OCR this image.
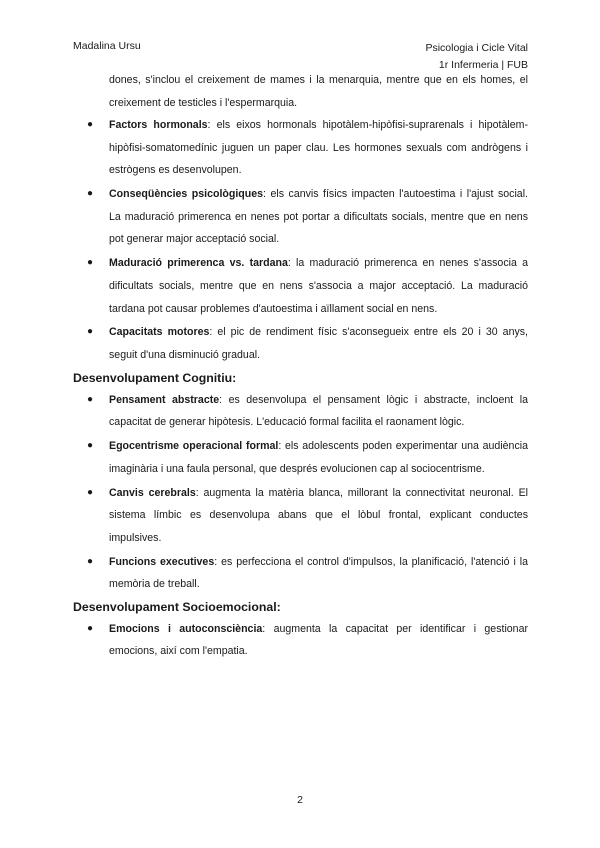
Madalina Ursu	Psicologia i Cicle Vital
1r Infermeria | FUB

dones, s'inclou el creixement de mames i la menarquia, mentre que en els homes, el creixement de testicles i l'espermarquia.

● Factors hormonals: els eixos hormonals hipotàlem-hipòfisi-suprarenals i hipotàlem-hipòfisi-somatomedínic juguen un paper clau. Les hormones sexuals com andrògens i estrògens es desenvolupen.
● Conseqüències psicològiques: els canvis físics impacten l'autoestima i l'ajust social. La maduració primerenca en nenes pot portar a dificultats socials, mentre que en nens pot generar major acceptació social.
● Maduració primerenca vs. tardana: la maduració primerenca en nenes s'associa a dificultats socials, mentre que en nens s'associa a major acceptació. La maduració tardana pot causar problemes d'autoestima i aïllament social en nens.
● Capacitats motores: el pic de rendiment físic s'aconsegueix entre els 20 i 30 anys, seguit d'una disminució gradual.
Desenvolupament Cognitiu:
● Pensament abstracte: es desenvolupa el pensament lògic i abstracte, incloent la capacitat de generar hipòtesis. L'educació formal facilita el raonament lògic.
● Egocentrisme operacional formal: els adolescents poden experimentar una audiència imaginària i una faula personal, que després evolucionen cap al sociocentrisme.
● Canvis cerebrals: augmenta la matèria blanca, millorant la connectivitat neuronal. El sistema límbic es desenvolupa abans que el lòbul frontal, explicant conductes impulsives.
● Funcions executives: es perfecciona el control d'impulsos, la planificació, l'atenció i la memòria de treball.
Desenvolupament Socioemocional:
● Emocions i autoconsciència: augmenta la capacitat per identificar i gestionar emocions, així com l'empatia.
2
